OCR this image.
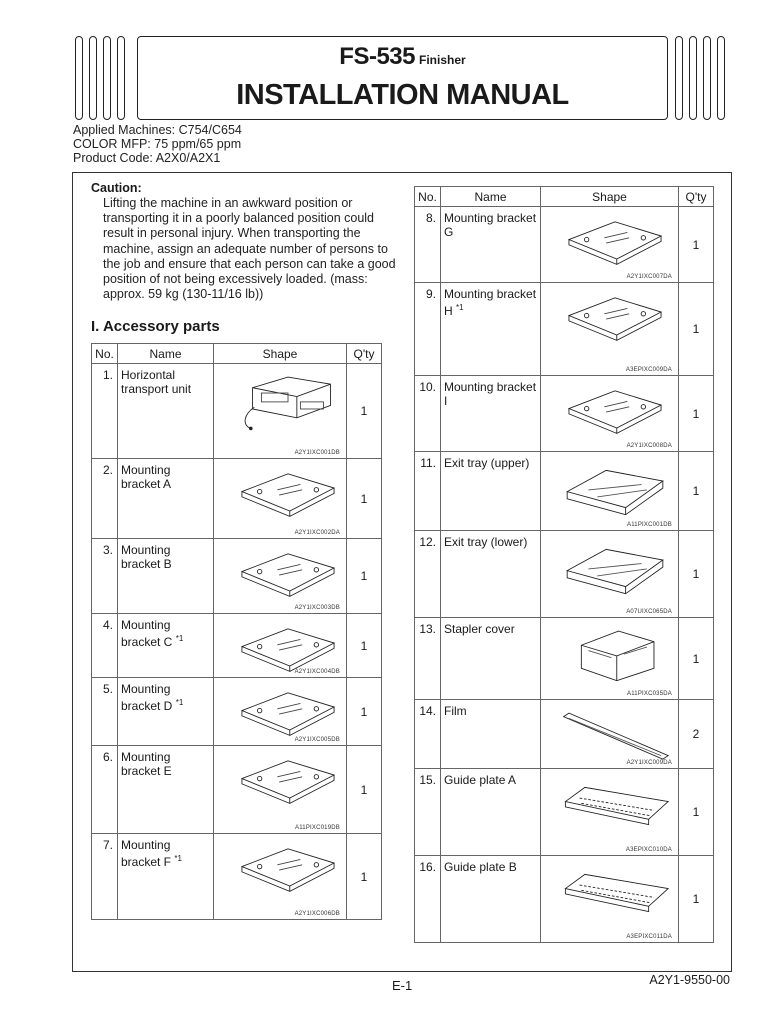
FS-535 Finisher
INSTALLATION MANUAL
Applied Machines: C754/C654
COLOR MFP: 75 ppm/65 ppm
Product Code: A2X0/A2X1
Caution:
Lifting the machine in an awkward position or transporting it in a poorly balanced position could result in personal injury. When transporting the machine, assign an adequate number of persons to the job and ensure that each person can take a good position of not being excessively loaded. (mass: approx. 59 kg (130-11/16 lb))
I. Accessory parts
No.	Name	Shape	Q'ty
1.	Horizontal transport unit	A2Y1IXC001DB	1
2.	Mounting bracket A	A2Y1IXC002DA	1
3.	Mounting bracket B	A2Y1IXC003DB	1
4.	Mounting bracket C $^{*1}$	A2Y1IXC004DB	1
5.	Mounting bracket D $^{*1}$	A2Y1IXC005DB	1
6.	Mounting bracket E	A11PIXC019DB	1
7.	Mounting bracket F $^{*1}$	A2Y1IXC006DB	1
No.	Name	Shape	Q'ty
8.	Mounting bracket G	A2Y1IXC007DA	1
9.	Mounting bracket H $^{*1}$	A3EPIXC009DA	1
10.	Mounting bracket I	A2Y1IXC008DA	1
11.	Exit tray (upper)	A11PIXC001DB	1
12.	Exit tray (lower)	A07UIXC065DA	1
13.	Stapler cover	A11PIXC035DA	1
14.	Film	A2Y1IXC009DA	2
15.	Guide plate A	A3EPIXC010DA	1
16.	Guide plate B	A3EPIXC011DA	1
E-1	A2Y1-9550-00
